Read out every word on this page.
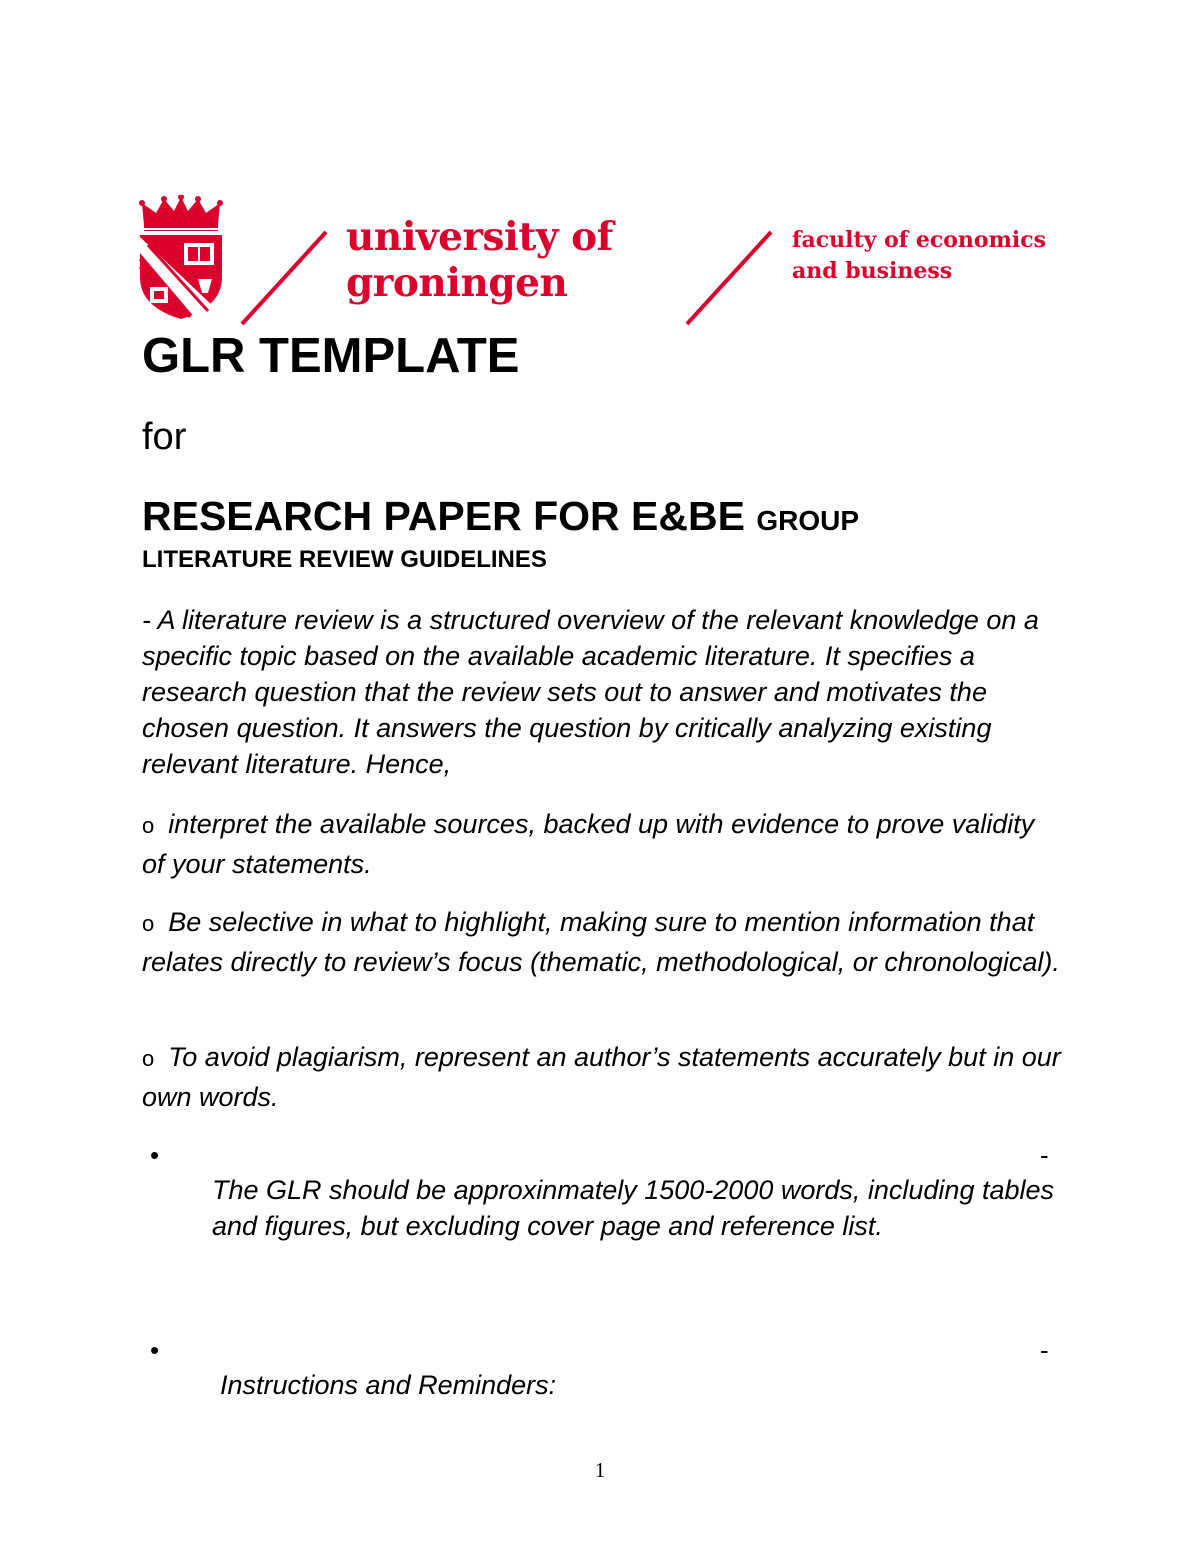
university of
groningen
faculty of economics
and business
GLR TEMPLATE
for
RESEARCH PAPER FOR E&BE GROUP
LITERATURE REVIEW GUIDELINES
- A literature review is a structured overview of the relevant knowledge on a specific topic based on the available academic literature. It specifies a research question that the review sets out to answer and motivates the chosen question. It answers the question by critically analyzing existing relevant literature. Hence,
o interpret the available sources, backed up with evidence to prove validity of your statements.
o Be selective in what to highlight, making sure to mention information that relates directly to review’s focus (thematic, methodological, or chronological).
o To avoid plagiarism, represent an author’s statements accurately but in our own words.
•	-
The GLR should be approxinmately 1500-2000 words, including tables and figures, but excluding cover page and reference list.
•	-
Instructions and Reminders:
1
